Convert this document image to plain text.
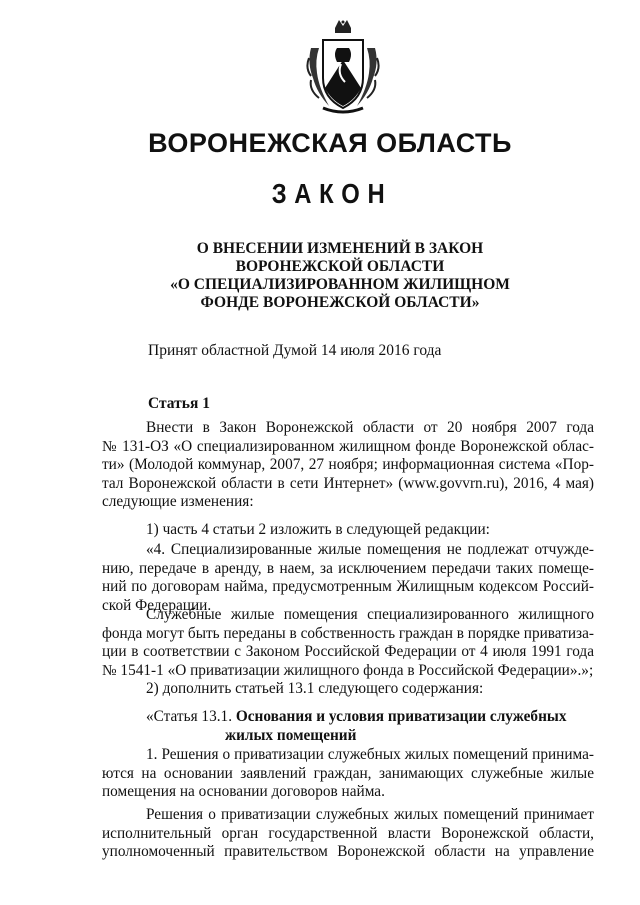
ВОРОНЕЖСКАЯ ОБЛАСТЬ
ЗАКОН
О ВНЕСЕНИИ ИЗМЕНЕНИЙ В ЗАКОН
ВОРОНЕЖСКОЙ ОБЛАСТИ
«О СПЕЦИАЛИЗИРОВАННОМ ЖИЛИЩНОМ
ФОНДЕ ВОРОНЕЖСКОЙ ОБЛАСТИ»
Принят областной Думой 14 июля 2016 года
Статья 1
Внести в Закон Воронежской области от 20 ноября 2007 года
№ 131-ОЗ «О специализированном жилищном фонде Воронежской облас-
ти» (Молодой коммунар, 2007, 27 ноября; информационная система «Пор-
тал Воронежской области в сети Интернет» (www.govvrn.ru), 2016, 4 мая)
следующие изменения:
1) часть 4 статьи 2 изложить в следующей редакции:
«4. Специализированные жилые помещения не подлежат отчужде-
нию, передаче в аренду, в наем, за исключением передачи таких помеще-
ний по договорам найма, предусмотренным Жилищным кодексом Россий-
ской Федерации.
Служебные жилые помещения специализированного жилищного
фонда могут быть переданы в собственность граждан в порядке приватиза-
ции в соответствии с Законом Российской Федерации от 4 июля 1991 года
№ 1541-1 «О приватизации жилищного фонда в Российской Федерации».»;
2) дополнить статьей 13.1 следующего содержания:
«Статья 13.1. Основания и условия приватизации служебных
жилых помещений
1. Решения о приватизации служебных жилых помещений принима-
ются на основании заявлений граждан, занимающих служебные жилые
помещения на основании договоров найма.
Решения о приватизации служебных жилых помещений принимает
исполнительный орган государственной власти Воронежской области,
уполномоченный правительством Воронежской области на управление
